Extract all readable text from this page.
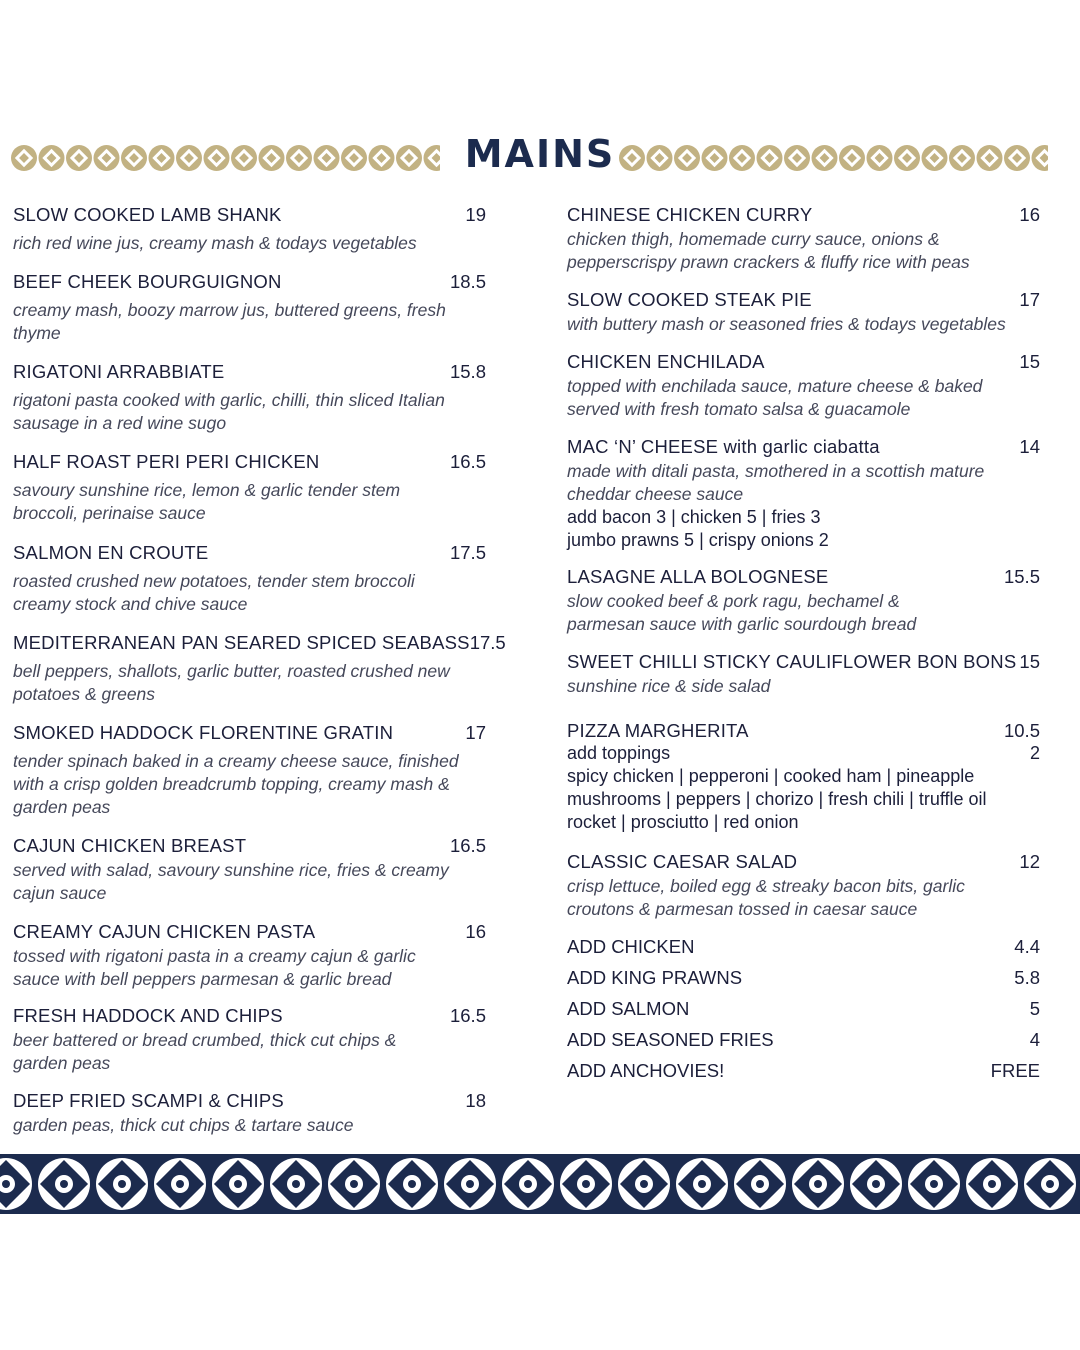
MAINS
SLOW COOKED LAMB SHANK	19
rich red wine jus, creamy mash & todays vegetables
BEEF CHEEK BOURGUIGNON	18.5
creamy mash, boozy marrow jus, buttered greens, fresh
thyme
RIGATONI ARRABBIATE	15.8
rigatoni pasta cooked with garlic, chilli, thin sliced Italian
sausage in a red wine sugo
HALF ROAST PERI PERI CHICKEN	16.5
savoury sunshine rice, lemon & garlic tender stem
broccoli, perinaise sauce
SALMON EN CROUTE	17.5
roasted crushed new potatoes, tender stem broccoli
creamy stock and chive sauce
MEDITERRANEAN PAN SEARED SPICED SEABASS 17.5
bell peppers, shallots, garlic butter, roasted crushed new
potatoes & greens
SMOKED HADDOCK FLORENTINE GRATIN	17
tender spinach baked in a creamy cheese sauce, finished
with a crisp golden breadcrumb topping, creamy mash &
garden peas
CAJUN CHICKEN BREAST	16.5
served with salad, savoury sunshine rice, fries & creamy
cajun sauce
CREAMY CAJUN CHICKEN PASTA	16
tossed with rigatoni pasta in a creamy cajun & garlic
sauce with bell peppers parmesan & garlic bread
FRESH HADDOCK AND CHIPS	16.5
beer battered or bread crumbed, thick cut chips &
garden peas
DEEP FRIED SCAMPI & CHIPS	18
garden peas, thick cut chips & tartare sauce
CHINESE CHICKEN CURRY	16
chicken thigh, homemade curry sauce, onions &
pepperscrispy prawn crackers & fluffy rice with peas
SLOW COOKED STEAK PIE	17
with buttery mash or seasoned fries & todays vegetables
CHICKEN ENCHILADA	15
topped with enchilada sauce, mature cheese & baked
served with fresh tomato salsa & guacamole
MAC ‘N’ CHEESE with garlic ciabatta	14
made with ditali pasta, smothered in a scottish mature
cheddar cheese sauce
add bacon 3 | chicken 5 | fries 3
jumbo prawns 5 | crispy onions 2
LASAGNE ALLA BOLOGNESE	15.5
slow cooked beef & pork ragu, bechamel &
parmesan sauce with garlic sourdough bread
SWEET CHILLI STICKY CAULIFLOWER BON BONS 15
sunshine rice & side salad
PIZZA MARGHERITA	10.5
add toppings	2
spicy chicken | pepperoni | cooked ham | pineapple
mushrooms | peppers | chorizo | fresh chili | truffle oil
rocket | prosciutto | red onion
CLASSIC CAESAR SALAD	12
crisp lettuce, boiled egg & streaky bacon bits, garlic
croutons & parmesan tossed in caesar sauce
ADD CHICKEN	4.4
ADD KING PRAWNS	5.8
ADD SALMON	5
ADD SEASONED FRIES	4
ADD ANCHOVIES!	FREE
